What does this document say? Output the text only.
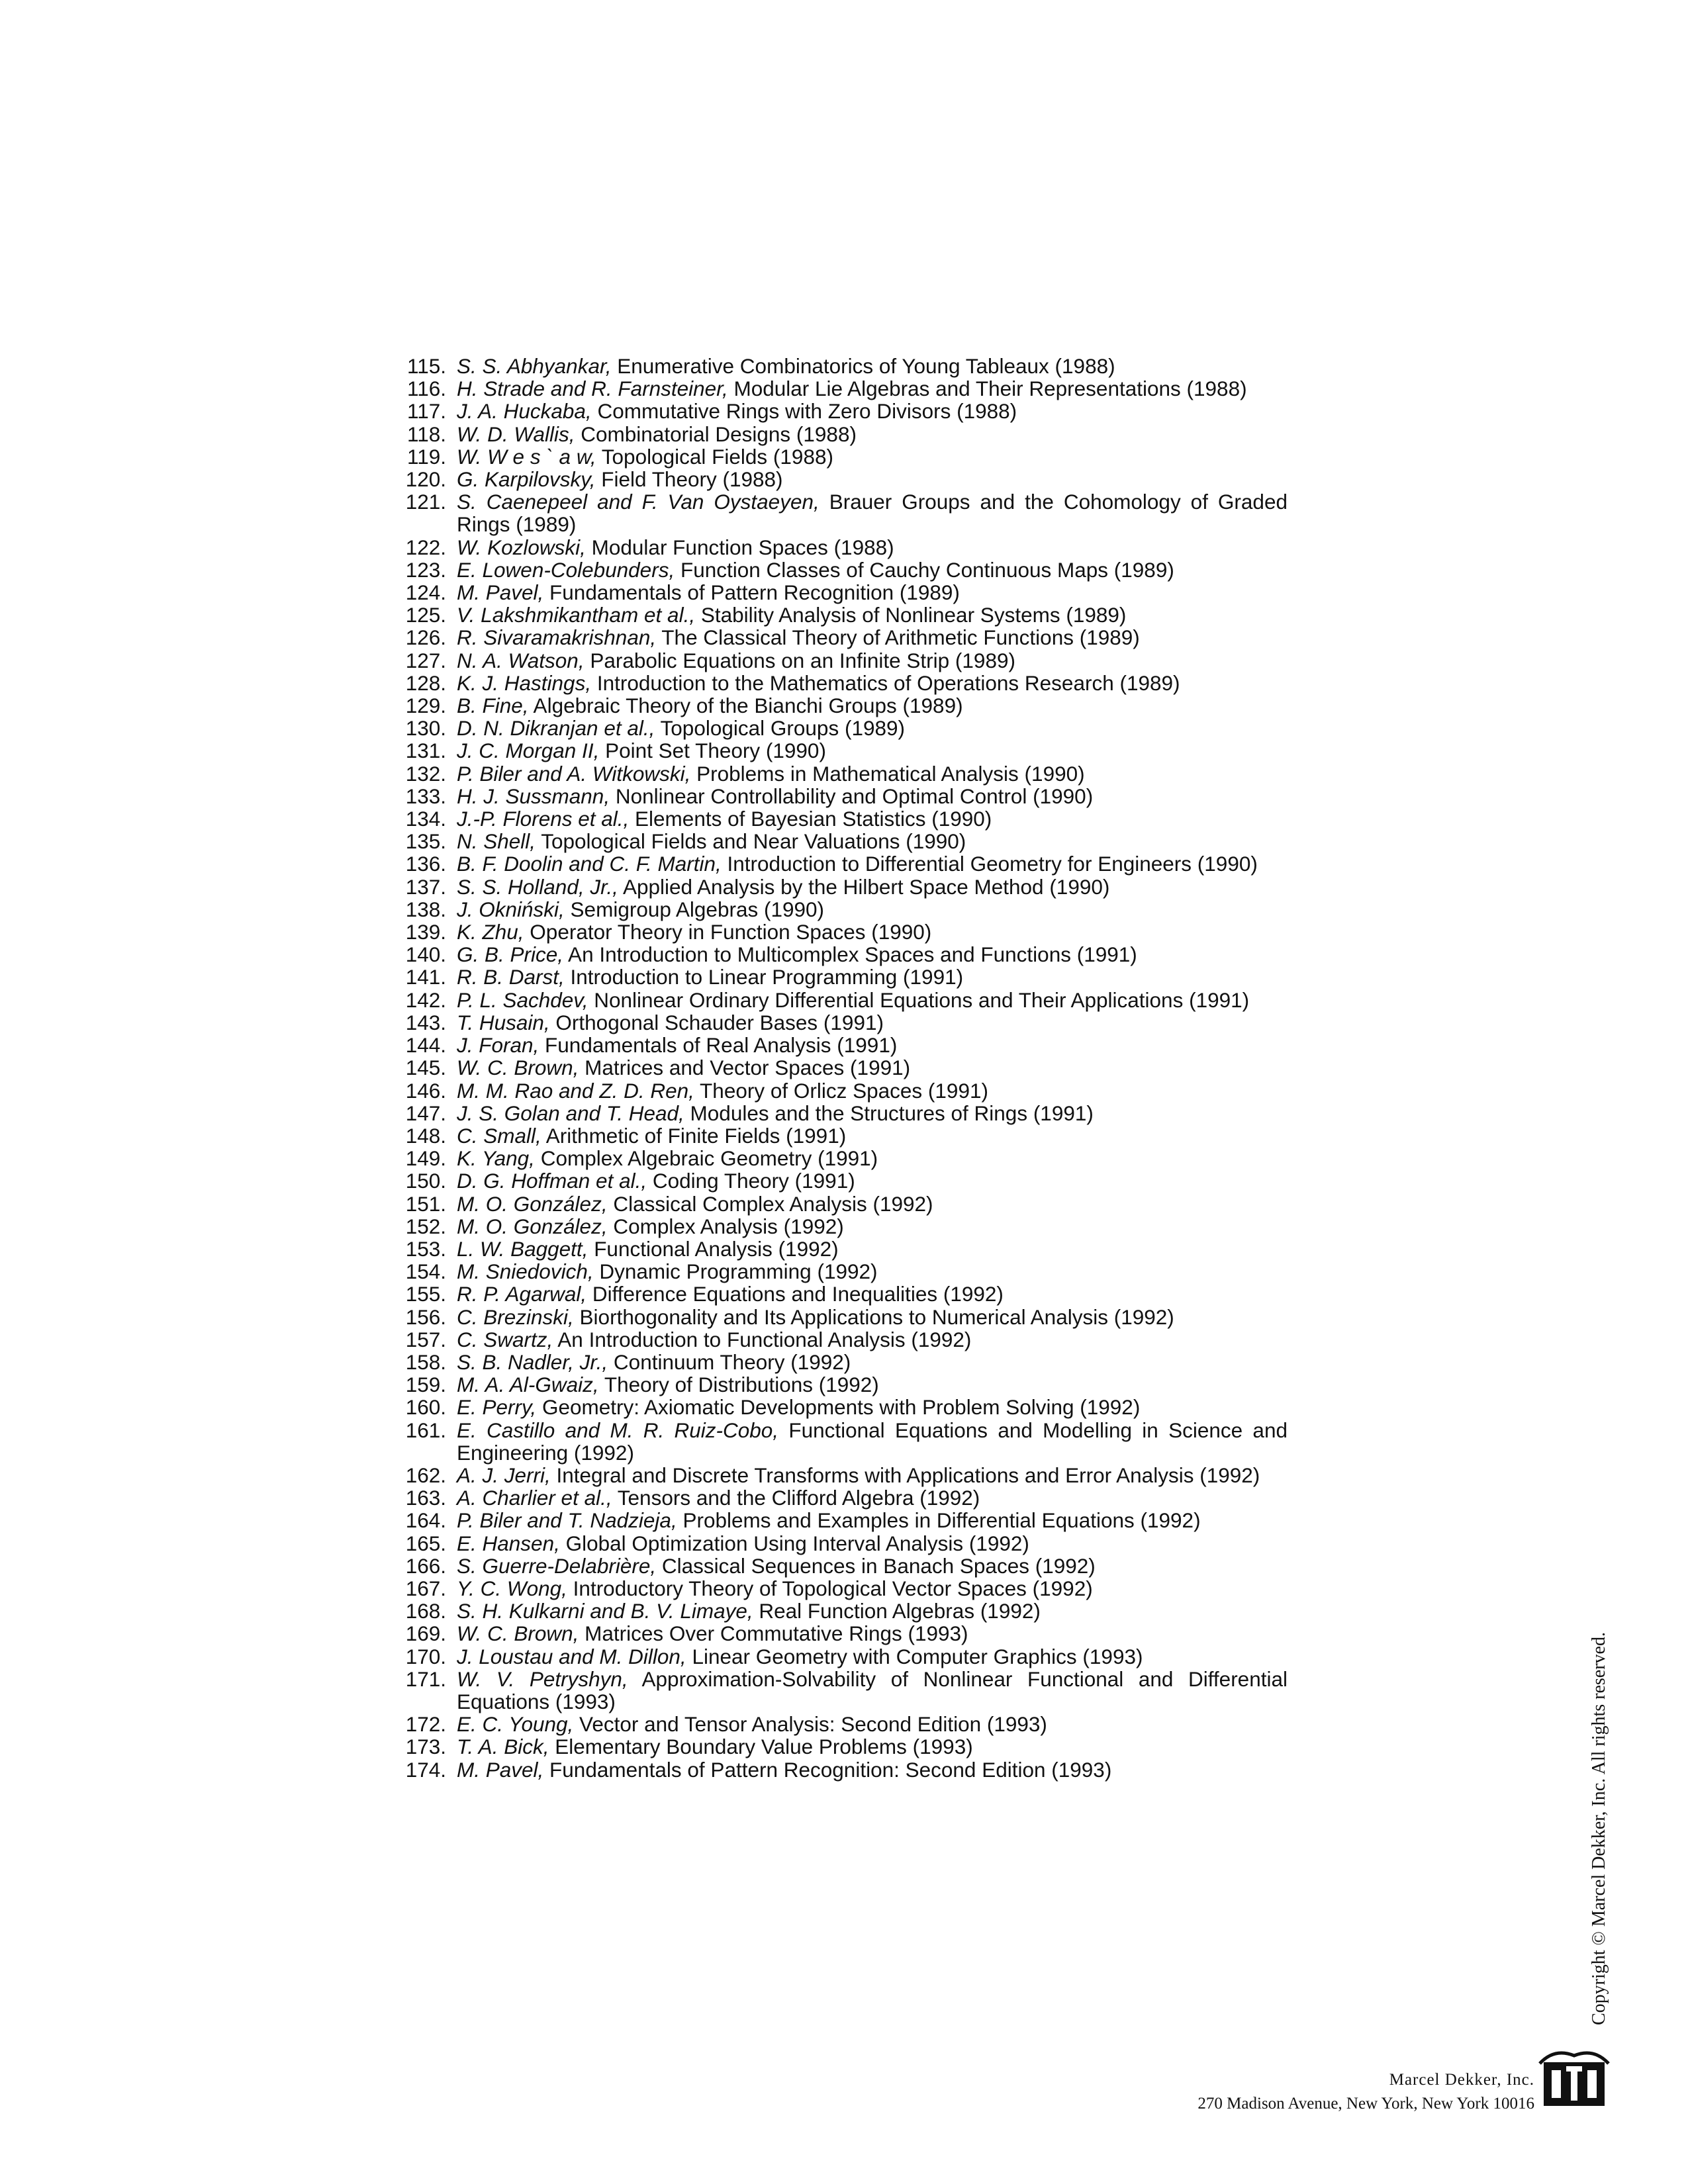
115. S. S. Abhyankar, Enumerative Combinatorics of Young Tableaux (1988)
116. H. Strade and R. Farnsteiner, Modular Lie Algebras and Their Representations (1988)
117. J. A. Huckaba, Commutative Rings with Zero Divisors (1988)
118. W. D. Wallis, Combinatorial Designs (1988)
119. W. W e s ` a w, Topological Fields (1988)
120. G. Karpilovsky, Field Theory (1988)
121. S. Caenepeel and F. Van Oystaeyen, Brauer Groups and the Cohomology of Graded Rings (1989)
122. W. Kozlowski, Modular Function Spaces (1988)
123. E. Lowen-Colebunders, Function Classes of Cauchy Continuous Maps (1989)
124. M. Pavel, Fundamentals of Pattern Recognition (1989)
125. V. Lakshmikantham et al., Stability Analysis of Nonlinear Systems (1989)
126. R. Sivaramakrishnan, The Classical Theory of Arithmetic Functions (1989)
127. N. A. Watson, Parabolic Equations on an Infinite Strip (1989)
128. K. J. Hastings, Introduction to the Mathematics of Operations Research (1989)
129. B. Fine, Algebraic Theory of the Bianchi Groups (1989)
130. D. N. Dikranjan et al., Topological Groups (1989)
131. J. C. Morgan II, Point Set Theory (1990)
132. P. Biler and A. Witkowski, Problems in Mathematical Analysis (1990)
133. H. J. Sussmann, Nonlinear Controllability and Optimal Control (1990)
134. J.-P. Florens et al., Elements of Bayesian Statistics (1990)
135. N. Shell, Topological Fields and Near Valuations (1990)
136. B. F. Doolin and C. F. Martin, Introduction to Differential Geometry for Engineers (1990)
137. S. S. Holland, Jr., Applied Analysis by the Hilbert Space Method (1990)
138. J. Okniński, Semigroup Algebras (1990)
139. K. Zhu, Operator Theory in Function Spaces (1990)
140. G. B. Price, An Introduction to Multicomplex Spaces and Functions (1991)
141. R. B. Darst, Introduction to Linear Programming (1991)
142. P. L. Sachdev, Nonlinear Ordinary Differential Equations and Their Applications (1991)
143. T. Husain, Orthogonal Schauder Bases (1991)
144. J. Foran, Fundamentals of Real Analysis (1991)
145. W. C. Brown, Matrices and Vector Spaces (1991)
146. M. M. Rao and Z. D. Ren, Theory of Orlicz Spaces (1991)
147. J. S. Golan and T. Head, Modules and the Structures of Rings (1991)
148. C. Small, Arithmetic of Finite Fields (1991)
149. K. Yang, Complex Algebraic Geometry (1991)
150. D. G. Hoffman et al., Coding Theory (1991)
151. M. O. González, Classical Complex Analysis (1992)
152. M. O. González, Complex Analysis (1992)
153. L. W. Baggett, Functional Analysis (1992)
154. M. Sniedovich, Dynamic Programming (1992)
155. R. P. Agarwal, Difference Equations and Inequalities (1992)
156. C. Brezinski, Biorthogonality and Its Applications to Numerical Analysis (1992)
157. C. Swartz, An Introduction to Functional Analysis (1992)
158. S. B. Nadler, Jr., Continuum Theory (1992)
159. M. A. Al-Gwaiz, Theory of Distributions (1992)
160. E. Perry, Geometry: Axiomatic Developments with Problem Solving (1992)
161. E. Castillo and M. R. Ruiz-Cobo, Functional Equations and Modelling in Science and Engineering (1992)
162. A. J. Jerri, Integral and Discrete Transforms with Applications and Error Analysis (1992)
163. A. Charlier et al., Tensors and the Clifford Algebra (1992)
164. P. Biler and T. Nadzieja, Problems and Examples in Differential Equations (1992)
165. E. Hansen, Global Optimization Using Interval Analysis (1992)
166. S. Guerre-Delabrière, Classical Sequences in Banach Spaces (1992)
167. Y. C. Wong, Introductory Theory of Topological Vector Spaces (1992)
168. S. H. Kulkarni and B. V. Limaye, Real Function Algebras (1992)
169. W. C. Brown, Matrices Over Commutative Rings (1993)
170. J. Loustau and M. Dillon, Linear Geometry with Computer Graphics (1993)
171. W. V. Petryshyn, Approximation-Solvability of Nonlinear Functional and Differential Equations (1993)
172. E. C. Young, Vector and Tensor Analysis: Second Edition (1993)
173. T. A. Bick, Elementary Boundary Value Problems (1993)
174. M. Pavel, Fundamentals of Pattern Recognition: Second Edition (1993)	Copyright © Marcel Dekker, Inc. All rights reserved.
Marcel Dekker, Inc.
270 Madison Avenue, New York, New York 10016
